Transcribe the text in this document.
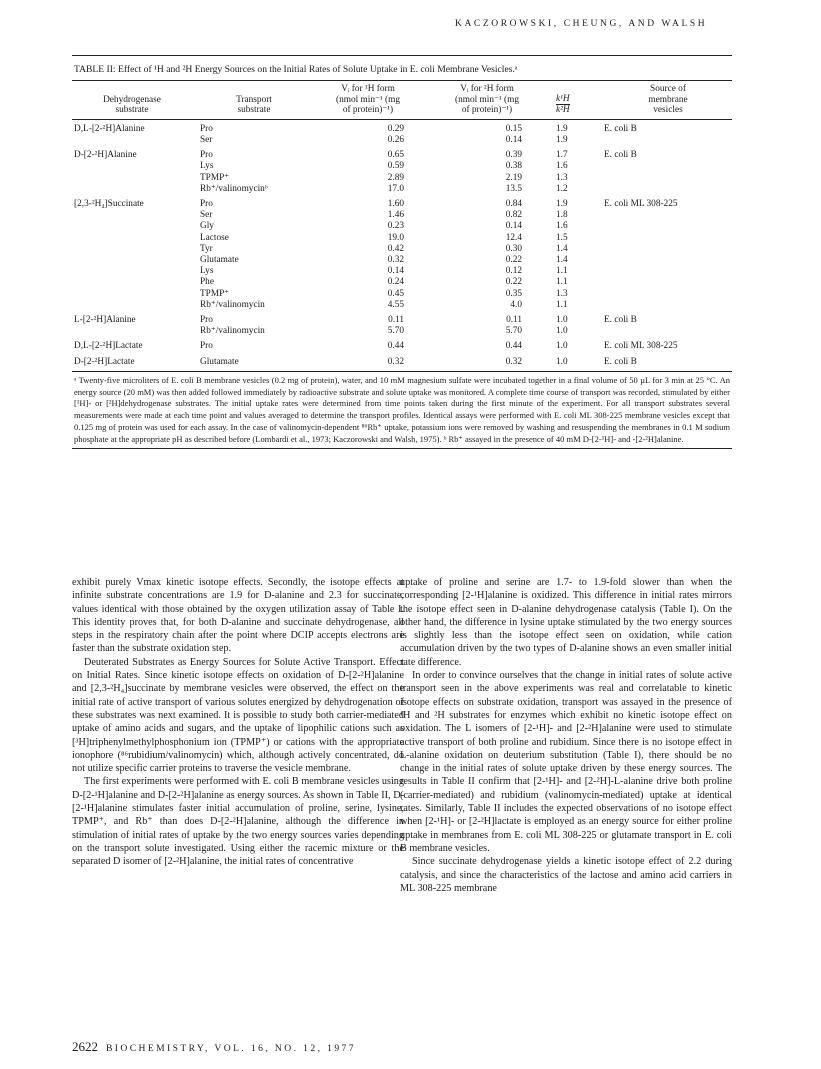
KACZOROWSKI, CHEUNG, AND WALSH
TABLE II: Effect of ¹H and ²H Energy Sources on the Initial Rates of Solute Uptake in E. coli Membrane Vesicles.ᵃ
Dehydrogenase
substrate	Transport
substrate	Vᵢ for ¹H form
(nmol min⁻¹ (mg
of protein)⁻¹)	Vᵢ for ²H form
(nmol min⁻¹ (mg
of protein)⁻¹)	k¹H
k²H	Source of
membrane
vesicles

D,L-[2-²H]Alanine	Pro	0.29	0.15	1.9	E. coli B
	Ser	0.26	0.14	1.9	
D-[2-²H]Alanine	Pro	0.65	0.39	1.7	E. coli B
	Lys	0.59	0.38	1.6	
	TPMP⁺	2.89	2.19	1.3	
	Rb⁺/valinomycinᵇ	17.0	13.5	1.2	
[2,3-²H₄]Succinate	Pro	1.60	0.84	1.9	E. coli ML 308-225
	Ser	1.46	0.82	1.8	
	Gly	0.23	0.14	1.6	
	Lactose	19.0	12.4	1.5	
	Tyr	0.42	0.30	1.4	
	Glutamate	0.32	0.22	1.4	
	Lys	0.14	0.12	1.1	
	Phe	0.24	0.22	1.1	
	TPMP⁺	0.45	0.35	1.3	
	Rb⁺/valinomycin	4.55	4.0	1.1	
L-[2-²H]Alanine	Pro	0.11	0.11	1.0	E. coli B
	Rb⁺/valinomycin	5.70	5.70	1.0	
D,L-[2-²H]Lactate	Pro	0.44	0.44	1.0	E. coli ML 308-225
D-[2-²H]Lactate	Glutamate	0.32	0.32	1.0	E. coli B
ᵃ Twenty-five microliters of E. coli B membrane vesicles (0.2 mg of protein), water, and 10 mM magnesium sulfate were incubated together in a final volume of 50 µL for 3 min at 25 °C. An energy source (20 mM) was then added followed immediately by radioactive substrate and solute uptake was monitored. A complete time course of transport was recorded, stimulated by either [¹H]- or [²H]dehydrogenase substrates. The initial uptake rates were determined from time points taken during the first minute of the experiment. For all transport substrates several measurements were made at each time point and values averaged to determine the transport profiles. Identical assays were performed with E. coli ML 308-225 membrane vesicles except that 0.125 mg of protein was used for each assay. In the case of valinomycin-dependent ⁸⁶Rb⁺ uptake, potassium ions were removed by washing and resuspending the membranes in 0.1 M sodium phosphate at the appropriate pH as described before (Lombardi et al., 1973; Kaczorowski and Walsh, 1975). ᵇ Rb⁺ assayed in the presence of 40 mM D-[2-¹H]- and -[2-²H]alanine.

exhibit purely Vmax kinetic isotope effects. Secondly, the isotope effects at infinite substrate concentrations are 1.9 for D-alanine and 2.3 for succinate, values identical with those obtained by the oxygen utilization assay of Table I. This identity proves that, for both D-alanine and succinate dehydrogenase, all steps in the respiratory chain after the point where DCIP accepts electrons are faster than the substrate oxidation step.

Deuterated Substrates as Energy Sources for Solute Active Transport. Effect on Initial Rates. Since kinetic isotope effects on oxidation of D-[2-²H]alanine and [2,3-²H₄]succinate by membrane vesicles were observed, the effect on the initial rate of active transport of various solutes energized by dehydrogenation of these substrates was next examined. It is possible to study both carrier-mediated uptake of amino acids and sugars, and the uptake of lipophilic cations such as [³H]triphenylmethylphosphonium ion (TPMP⁺) or cations with the appropriate ionophore (⁸⁶rubidium/valinomycin) which, although actively concentrated, do not utilize specific carrier proteins to traverse the vesicle membrane.

The first experiments were performed with E. coli B membrane vesicles using D-[2-¹H]alanine and D-[2-²H]alanine as energy sources. As shown in Table II, D-[2-¹H]alanine stimulates faster initial accumulation of proline, serine, lysine, TPMP⁺, and Rb⁺ than does D-[2-²H]alanine, although the difference in stimulation of initial rates of uptake by the two energy sources varies depending on the transport solute investigated. Using either the racemic mixture or the separated D isomer of [2-²H]alanine, the initial rates of concentrative

uptake of proline and serine are 1.7- to 1.9-fold slower than when the corresponding [2-¹H]alanine is oxidized. This difference in initial rates mirrors the isotope effect seen in D-alanine dehydrogenase catalysis (Table I). On the other hand, the difference in lysine uptake stimulated by the two energy sources is slightly less than the isotope effect seen on oxidation, while cation accumulation driven by the two types of D-alanine shows an even smaller initial rate difference.

In order to convince ourselves that the change in initial rates of solute active transport seen in the above experiments was real and correlatable to kinetic isotope effects on substrate oxidation, transport was assayed in the presence of ¹H and ²H substrates for enzymes which exhibit no kinetic isotope effect on oxidation. The L isomers of [2-¹H]- and [2-²H]alanine were used to stimulate active transport of both proline and rubidium. Since there is no isotope effect in L-alanine oxidation on deuterium substitution (Table I), there should be no change in the initial rates of solute uptake driven by these energy sources. The results in Table II confirm that [2-¹H]- and [2-²H]-L-alanine drive both proline (carrier-mediated) and rubidium (valinomycin-mediated) uptake at identical rates. Similarly, Table II includes the expected observations of no isotope effect when [2-¹H]- or [2-²H]lactate is employed as an energy source for either proline uptake in membranes from E. coli ML 308-225 or glutamate transport in E. coli B membrane vesicles.

Since succinate dehydrogenase yields a kinetic isotope effect of 2.2 during catalysis, and since the characteristics of the lactose and amino acid carriers in ML 308-225 membrane

2622 BIOCHEMISTRY, VOL. 16, NO. 12, 1977
